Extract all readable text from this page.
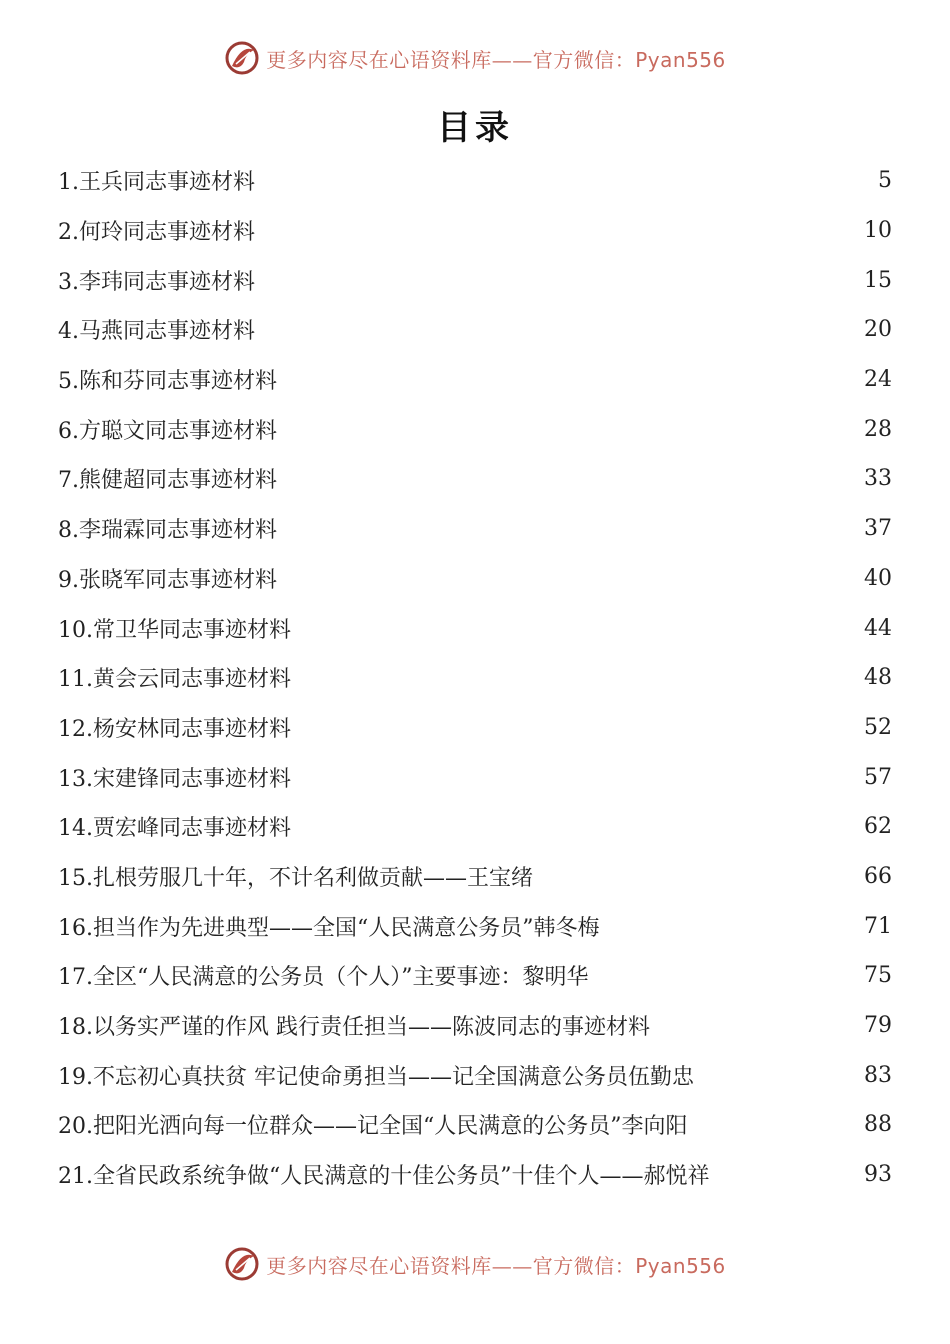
更多内容尽在心语资料库——官方微信：Pyan556
目录
1.王兵同志事迹材料	5
2.何玲同志事迹材料	10
3.李玮同志事迹材料	15
4.马燕同志事迹材料	20
5.陈和芬同志事迹材料	24
6.方聪文同志事迹材料	28
7.熊健超同志事迹材料	33
8.李瑞霖同志事迹材料	37
9.张晓军同志事迹材料	40
10.常卫华同志事迹材料	44
11.黄会云同志事迹材料	48
12.杨安林同志事迹材料	52
13.宋建锋同志事迹材料	57
14.贾宏峰同志事迹材料	62
15.扎根劳服几十年，不计名利做贡献——王宝绪	66
16.担当作为先进典型——全国“人民满意公务员”韩冬梅	71
17.全区“人民满意的公务员（个人）”主要事迹：黎明华	75
18.以务实严谨的作风 践行责任担当——陈波同志的事迹材料	79
19.不忘初心真扶贫 牢记使命勇担当——记全国满意公务员伍勤忠	83
20.把阳光洒向每一位群众——记全国“人民满意的公务员”李向阳	88
21.全省民政系统争做“人民满意的十佳公务员”十佳个人——郝悦祥	93
更多内容尽在心语资料库——官方微信：Pyan556
